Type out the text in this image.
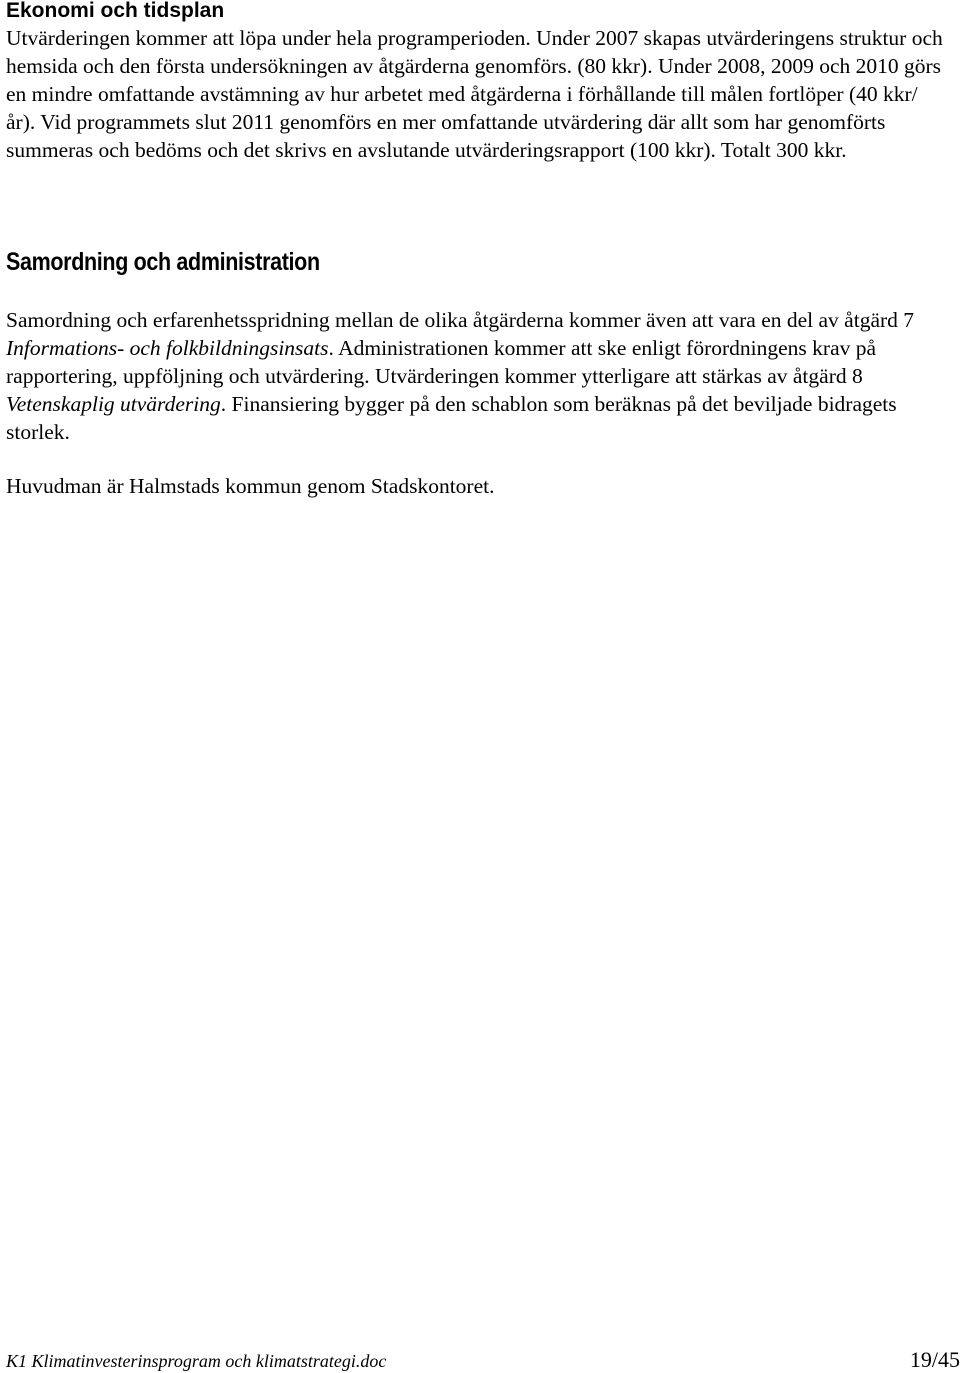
Ekonomi och tidsplan

Utvärderingen kommer att löpa under hela programperioden. Under 2007 skapas utvärderingens struktur och hemsida och den första undersökningen av åtgärderna genomförs. (80 kkr). Under 2008, 2009 och 2010 görs en mindre omfattande avstämning av hur arbetet med åtgärderna i förhållande till målen fortlöper (40 kkr/år). Vid programmets slut 2011 genomförs en mer omfattande utvärdering där allt som har genomförts summeras och bedöms och det skrivs en avslutande utvärderingsrapport (100 kkr). Totalt 300 kkr.

Samordning och administration

Samordning och erfarenhetsspridning mellan de olika åtgärderna kommer även att vara en del av åtgärd 7 Informations- och folkbildningsinsats. Administrationen kommer att ske enligt förordningens krav på rapportering, uppföljning och utvärdering. Utvärderingen kommer ytterligare att stärkas av åtgärd 8 Vetenskaplig utvärdering. Finansiering bygger på den schablon som beräknas på det beviljade bidragets storlek.

Huvudman är Halmstads kommun genom Stadskontoret.

K1 Klimatinvesterinsprogram och klimatstrategi.doc	19/45
